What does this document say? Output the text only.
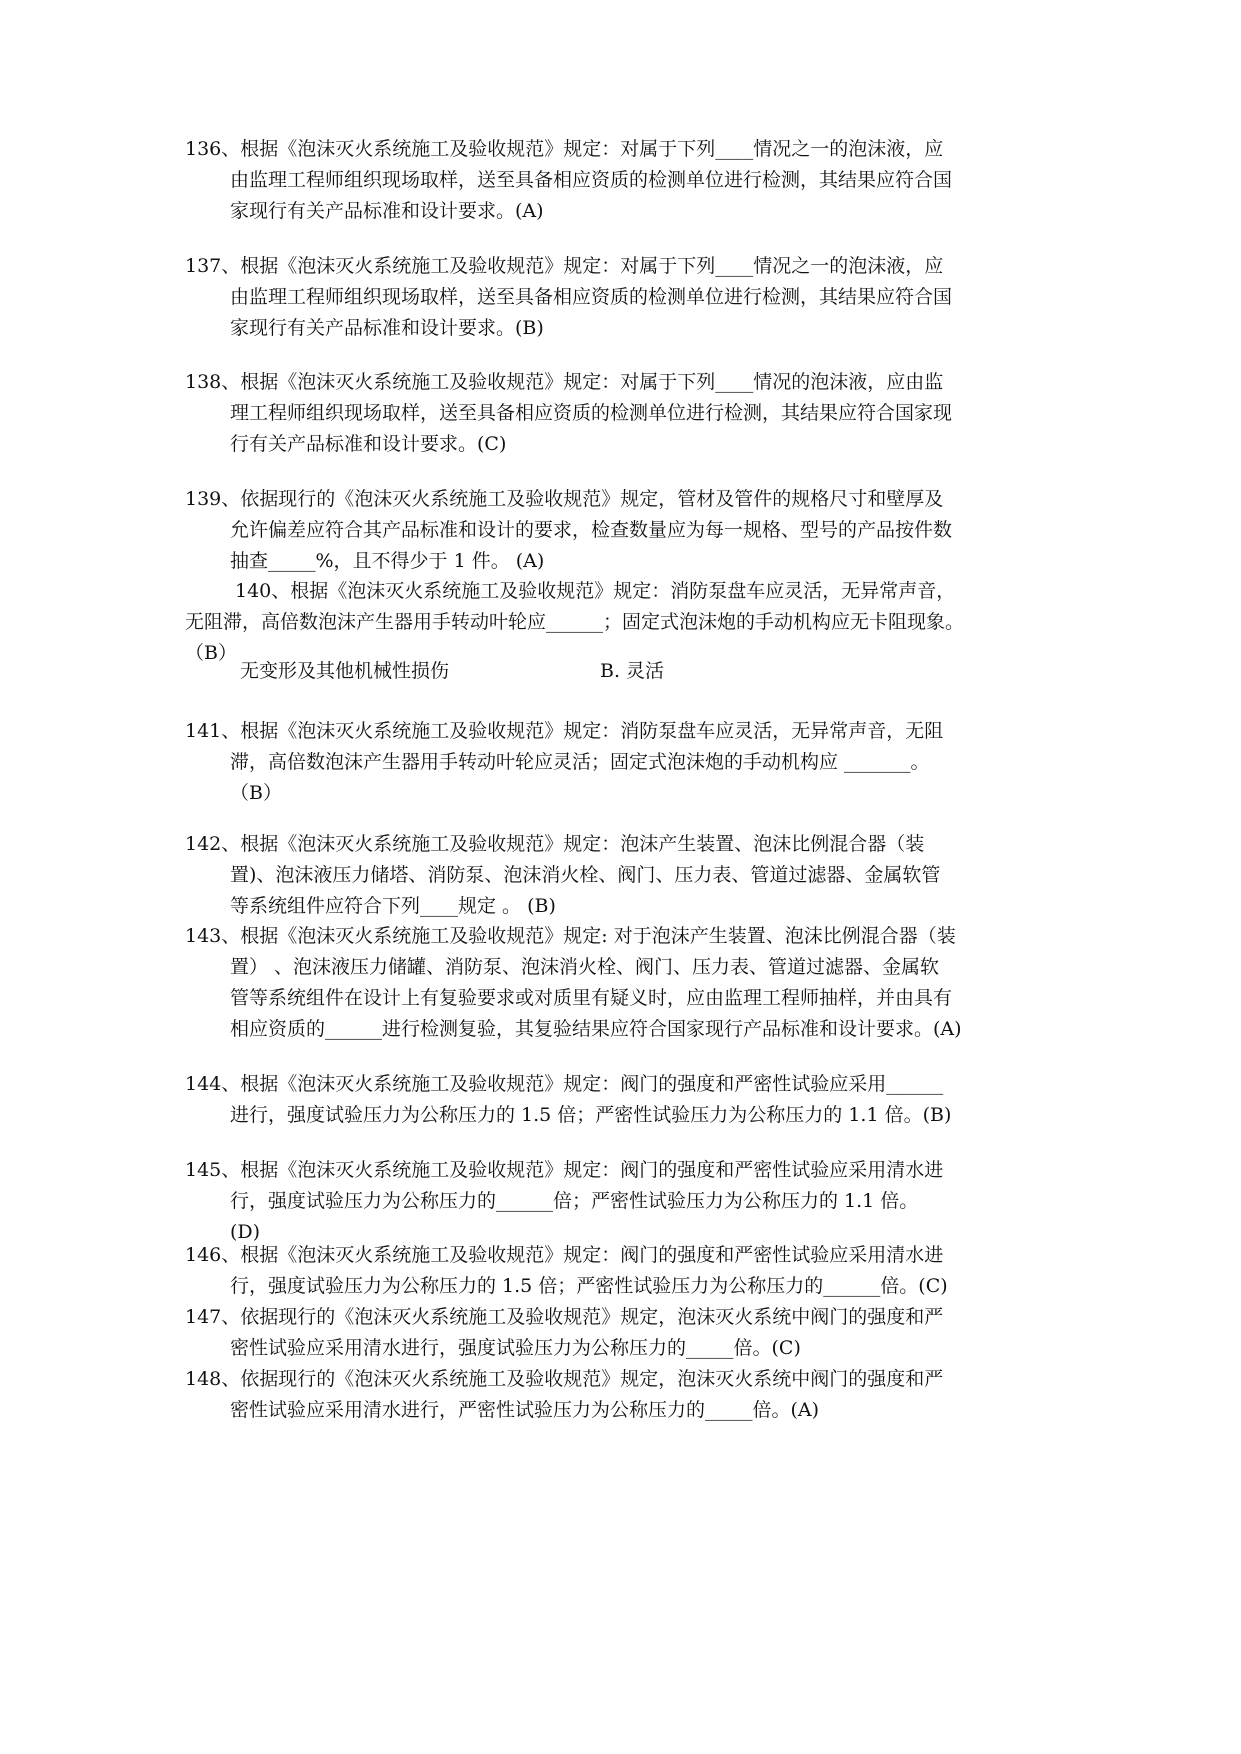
136、根据《泡沫灭火系统施工及验收规范》规定：对属于下列____情况之一的泡沫液，应
由监理工程师组织现场取样，送至具备相应资质的检测单位进行检测，其结果应符合国
家现行有关产品标准和设计要求。(A)
137、根据《泡沫灭火系统施工及验收规范》规定：对属于下列____情况之一的泡沫液，应
由监理工程师组织现场取样，送至具备相应资质的检测单位进行检测，其结果应符合国
家现行有关产品标准和设计要求。(B)
138、根据《泡沫灭火系统施工及验收规范》规定：对属于下列____情况的泡沫液，应由监
理工程师组织现场取样，送至具备相应资质的检测单位进行检测，其结果应符合国家现
行有关产品标准和设计要求。(C)
139、依据现行的《泡沫灭火系统施工及验收规范》规定，管材及管件的规格尺寸和壁厚及
允许偏差应符合其产品标准和设计的要求，检查数量应为每一规格、型号的产品按件数
抽查_____%，且不得少于 1 件。 (A)
140、根据《泡沫灭火系统施工及验收规范》规定：消防泵盘车应灵活，无异常声音，
无阻滞，高倍数泡沫产生器用手转动叶轮应______；固定式泡沫炮的手动机构应无卡阻现象。
（B）
无变形及其他机械性损伤	B. 灵活
141、根据《泡沫灭火系统施工及验收规范》规定：消防泵盘车应灵活，无异常声音，无阻
滞，高倍数泡沫产生器用手转动叶轮应灵活；固定式泡沫炮的手动机构应 _______。
（B）
142、根据《泡沫灭火系统施工及验收规范》规定：泡沫产生装置、泡沫比例混合器（装
置)、泡沫液压力储塔、消防泵、泡沫消火栓、阀门、压力表、管道过滤器、金属软管
等系统组件应符合下列____规定 。 (B)
143、根据《泡沫灭火系统施工及验收规范》规定: 对于泡沫产生装置、泡沫比例混合器（装
置） 、泡沫液压力储罐、消防泵、泡沫消火栓、阀门、压力表、管道过滤器、金属软
管等系统组件在设计上有复验要求或对质里有疑义时，应由监理工程师抽样，并由具有
相应资质的______进行检测复验，其复验结果应符合国家现行产品标准和设计要求。(A)
144、根据《泡沫灭火系统施工及验收规范》规定：阀门的强度和严密性试验应采用______
进行，强度试验压力为公称压力的 1.5 倍；严密性试验压力为公称压力的 1.1 倍。(B)
145、根据《泡沫灭火系统施工及验收规范》规定：阀门的强度和严密性试验应采用清水进
行，强度试验压力为公称压力的______倍；严密性试验压力为公称压力的 1.1 倍。
(D)
146、根据《泡沫灭火系统施工及验收规范》规定：阀门的强度和严密性试验应采用清水进
行，强度试验压力为公称压力的 1.5 倍；严密性试验压力为公称压力的______倍。(C)
147、依据现行的《泡沫灭火系统施工及验收规范》规定，泡沫灭火系统中阀门的强度和严
密性试验应采用清水进行，强度试验压力为公称压力的_____倍。(C)
148、依据现行的《泡沫灭火系统施工及验收规范》规定，泡沫灭火系统中阀门的强度和严
密性试验应采用清水进行，严密性试验压力为公称压力的_____倍。(A)
